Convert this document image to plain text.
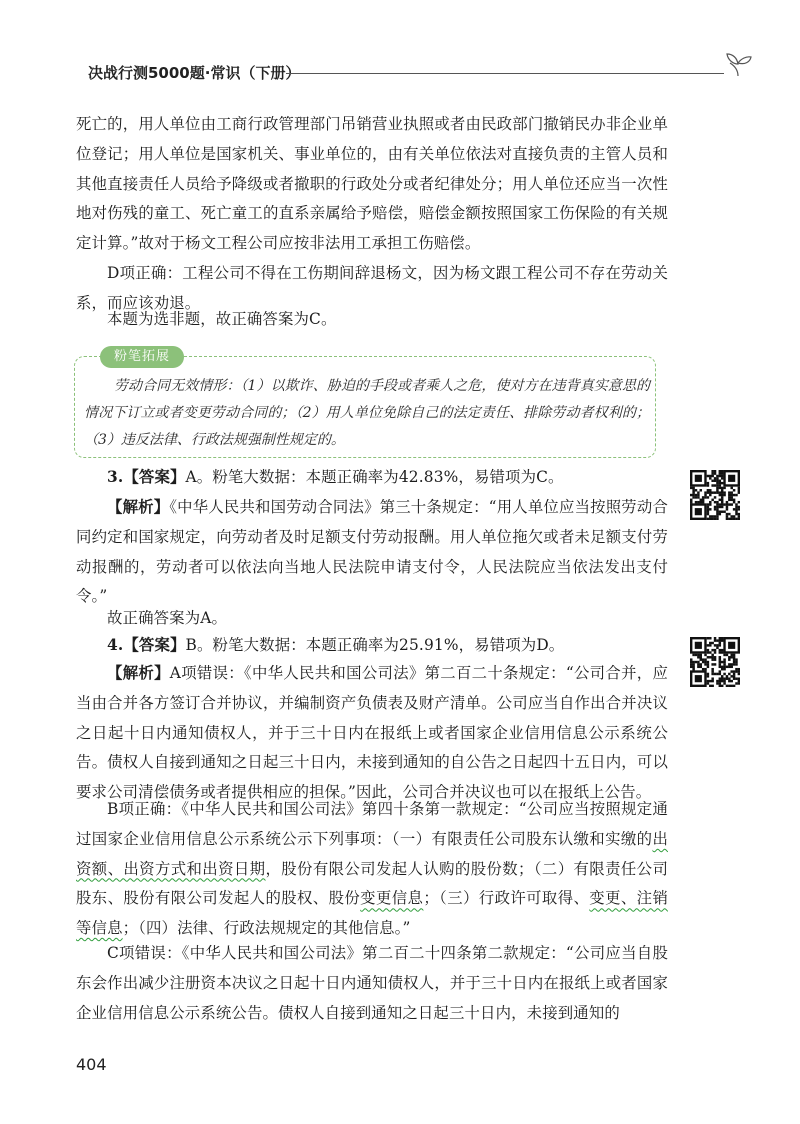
决战行测5000题·常识（下册）

死亡的，用人单位由工商行政管理部门吊销营业执照或者由民政部门撤销民办非企业单位登记；用人单位是国家机关、事业单位的，由有关单位依法对直接负责的主管人员和其他直接责任人员给予降级或者撤职的行政处分或者纪律处分；用人单位还应当一次性地对伤残的童工、死亡童工的直系亲属给予赔偿，赔偿金额按照国家工伤保险的有关规定计算。”故对于杨文工程公司应按非法用工承担工伤赔偿。

D项正确：工程公司不得在工伤期间辞退杨文，因为杨文跟工程公司不存在劳动关系，而应该劝退。

本题为选非题，故正确答案为C。

粉笔拓展

劳动合同无效情形：（1）以欺诈、胁迫的手段或者乘人之危，使对方在违背真实意思的情况下订立或者变更劳动合同的；（2）用人单位免除自己的法定责任、排除劳动者权利的；（3）违反法律、行政法规强制性规定的。

3.【答案】A。粉笔大数据：本题正确率为42.83%，易错项为C。

【解析】《中华人民共和国劳动合同法》第三十条规定：“用人单位应当按照劳动合同约定和国家规定，向劳动者及时足额支付劳动报酬。用人单位拖欠或者未足额支付劳动报酬的，劳动者可以依法向当地人民法院申请支付令，人民法院应当依法发出支付令。”

故正确答案为A。

4.【答案】B。粉笔大数据：本题正确率为25.91%，易错项为D。

【解析】A项错误：《中华人民共和国公司法》第二百二十条规定：“公司合并，应当由合并各方签订合并协议，并编制资产负债表及财产清单。公司应当自作出合并决议之日起十日内通知债权人，并于三十日内在报纸上或者国家企业信用信息公示系统公告。债权人自接到通知之日起三十日内，未接到通知的自公告之日起四十五日内，可以要求公司清偿债务或者提供相应的担保。”因此，公司合并决议也可以在报纸上公告。

B项正确：《中华人民共和国公司法》第四十条第一款规定：“公司应当按照规定通过国家企业信用信息公示系统公示下列事项：（一）有限责任公司股东认缴和实缴的出资额、出资方式和出资日期，股份有限公司发起人认购的股份数；（二）有限责任公司股东、股份有限公司发起人的股权、股份变更信息；（三）行政许可取得、变更、注销等信息；（四）法律、行政法规规定的其他信息。”

C项错误：《中华人民共和国公司法》第二百二十四条第二款规定：“公司应当自股东会作出减少注册资本决议之日起十日内通知债权人，并于三十日内在报纸上或者国家企业信用信息公示系统公告。债权人自接到通知之日起三十日内，未接到通知的

404
